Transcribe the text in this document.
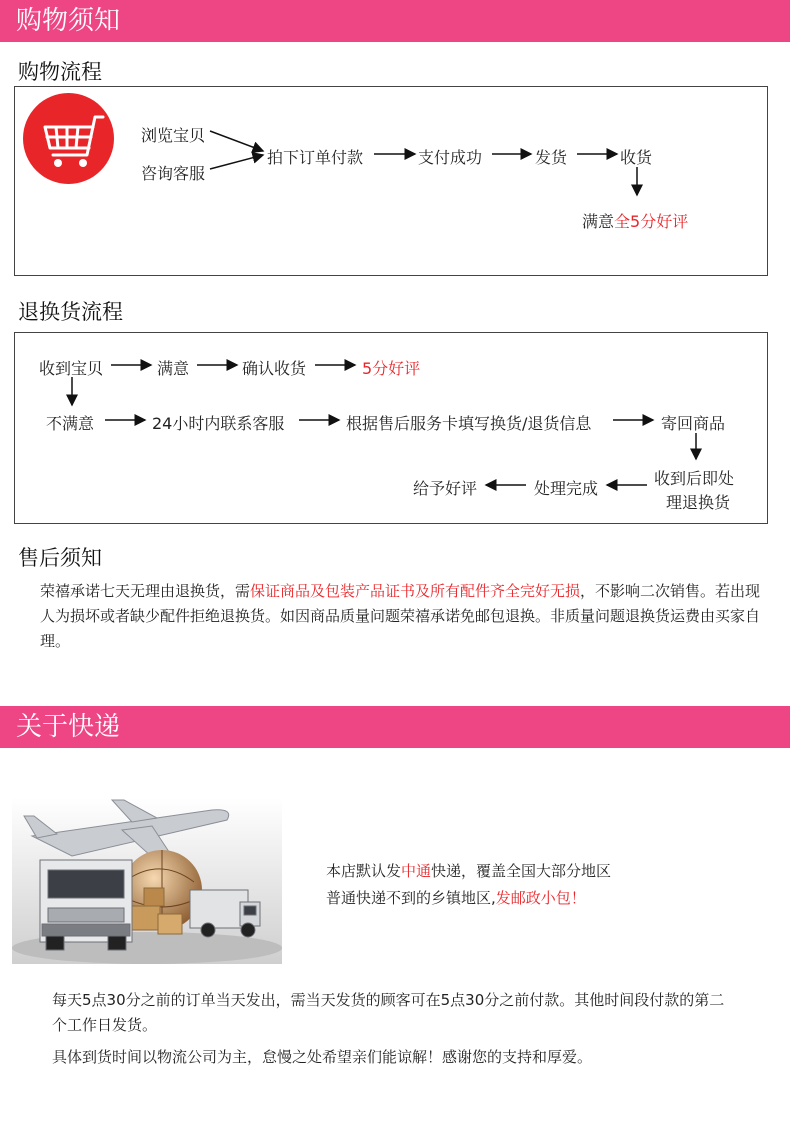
购物须知
购物流程
浏览宝贝
咨询客服
拍下订单付款	支付成功	发货	收货
满意全5分好评
退换货流程
收到宝贝	满意	确认收货	5分好评
不满意	24小时内联系客服	根据售后服务卡填写换货/退货信息	寄回商品
收到后即处
理退换货
处理完成
给予好评
售后须知
荣禧承诺七天无理由退换货，需保证商品及包装产品证书及所有配件齐全完好无损，不影响二次销售。若出现人为损坏或者缺少配件拒绝退换货。如因商品质量问题荣禧承诺免邮包退换。非质量问题退换货运费由买家自理。
关于快递
本店默认发中通快递，覆盖全国大部分地区
普通快递不到的乡镇地区,发邮政小包！
每天5点30分之前的订单当天发出，需当天发货的顾客可在5点30分之前付款。其他时间段付款的第二个工作日发货。
具体到货时间以物流公司为主，怠慢之处希望亲们能谅解！感谢您的支持和厚爱。
